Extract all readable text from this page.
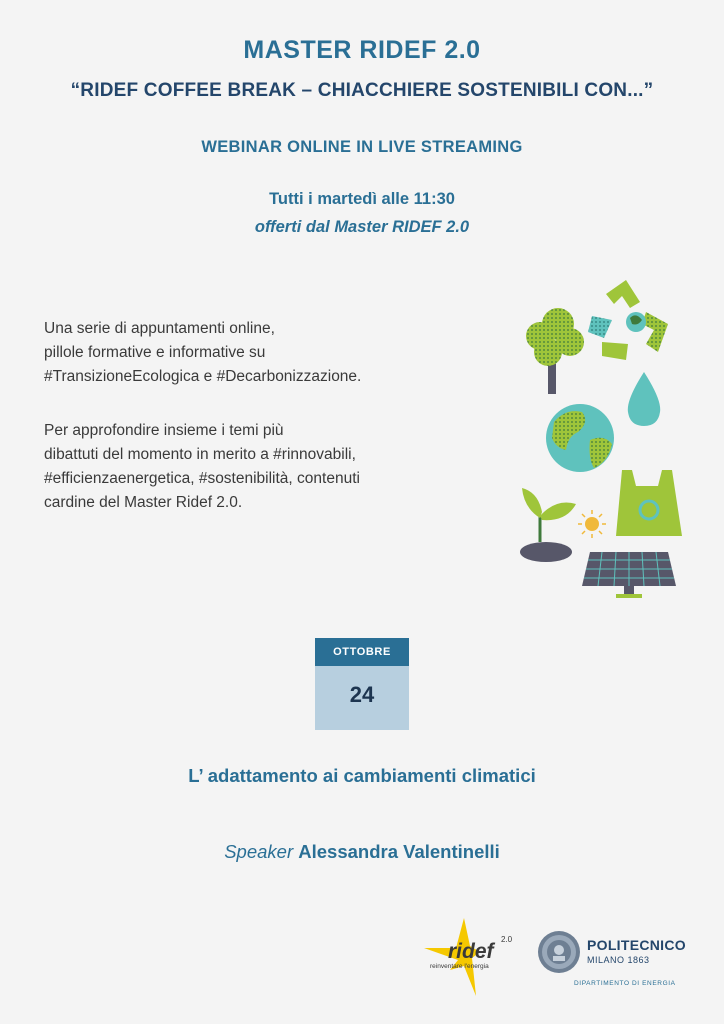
MASTER RIDEF 2.0
“RIDEF COFFEE BREAK – CHIACCHIERE SOSTENIBILI CON...”
WEBINAR ONLINE IN LIVE STREAMING
Tutti i martedì alle 11:30
offerti dal Master RIDEF 2.0
Una serie di appuntamenti online,
pillole formative e informative su
#TransizioneEcologica e #Decarbonizzazione.
Per approfondire insieme i temi più
dibattuti del momento in merito a #rinnovabili,
#efficienzaenergetica, #sostenibilità, contenuti
cardine del Master Ridef 2.0.
OTTOBRE
24
L’ adattamento ai cambiamenti climatici
Speaker Alessandra Valentinelli
ridef
reinventare l'energia
2.0	POLITECNICO
MILANO 1863
DIPARTIMENTO DI ENERGIA
